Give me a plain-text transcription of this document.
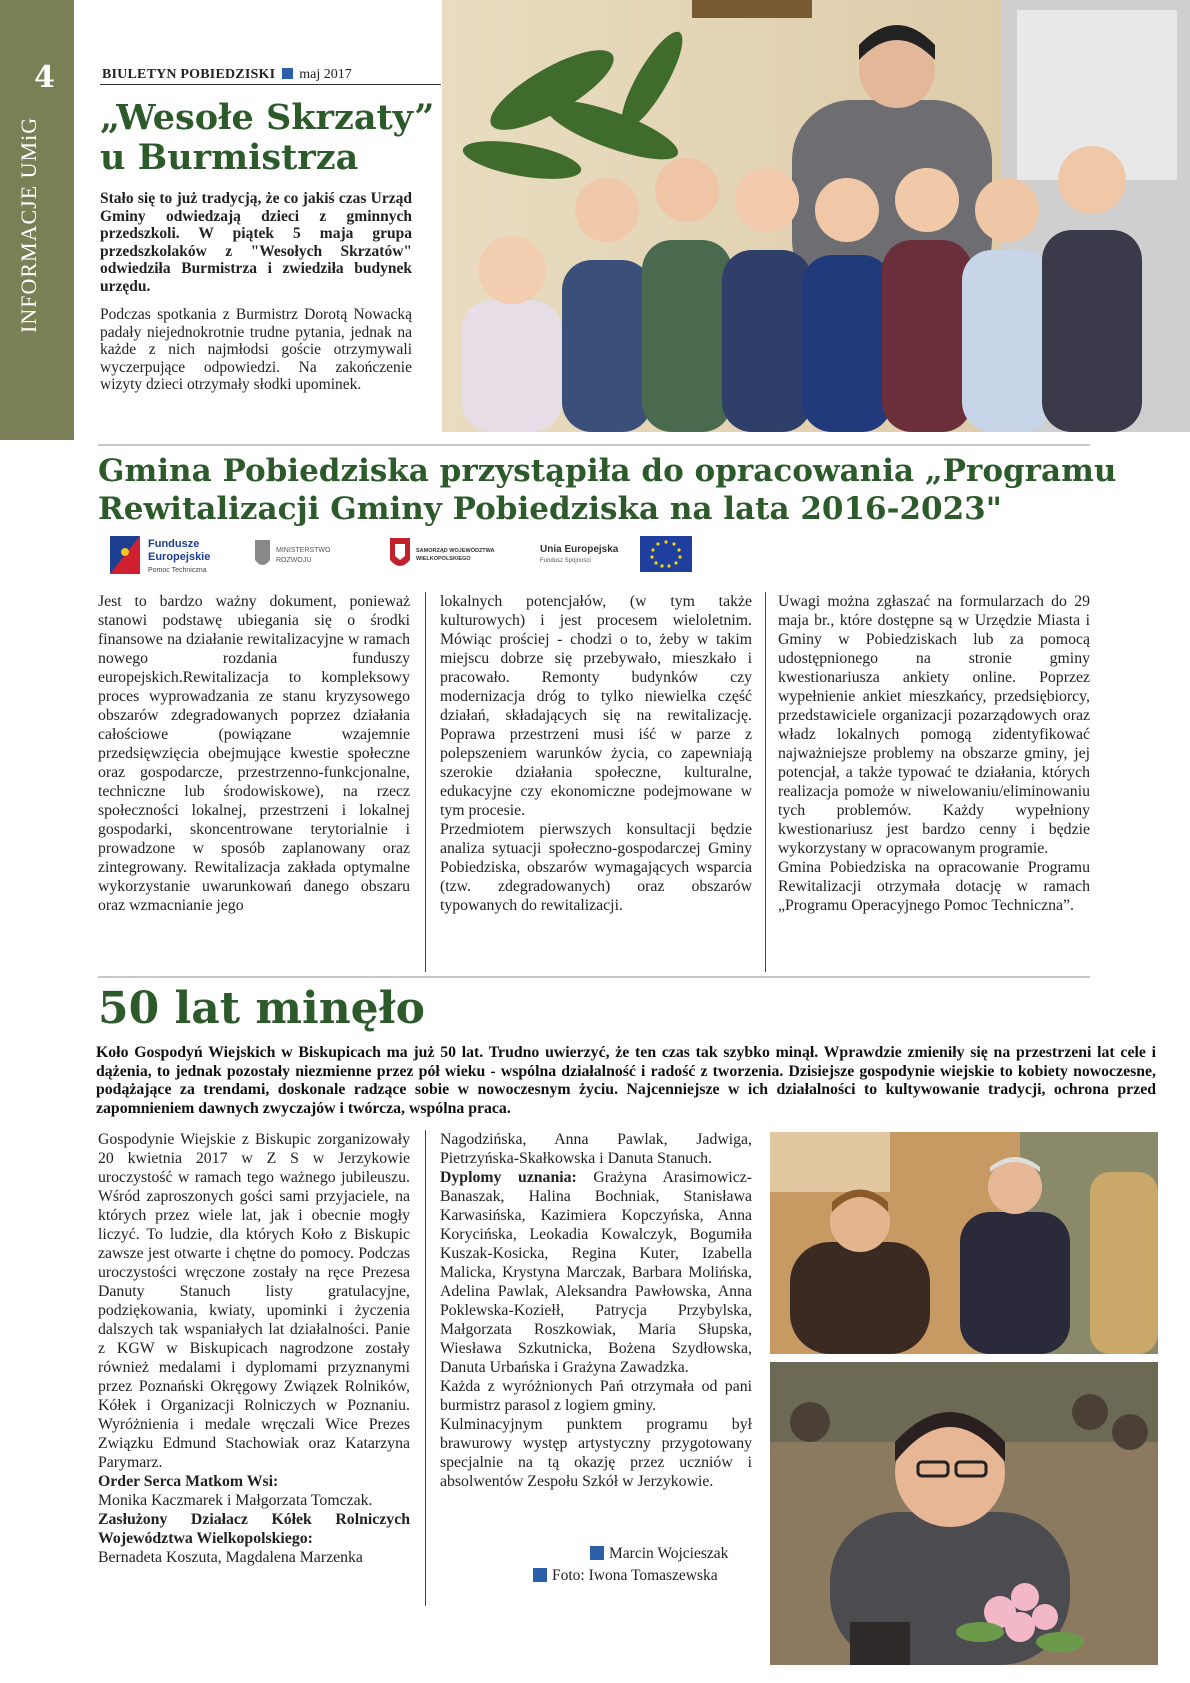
4
INFORMACJE UMiG
BIULETYN POBIEDZISKI maj 2017
„Wesołe Skrzaty”
u Burmistrza
Stało się to już tradycją, że co jakiś czas Urząd Gminy odwiedzają dzieci z gminnych przedszkoli. W piątek 5 maja grupa przedszkolaków z "Wesołych Skrzatów" odwiedziła Burmistrza i zwiedziła budynek urzędu.
Podczas spotkania z Burmistrz Dorotą Nowacką padały niejednokrotnie trudne pytania, jednak na każde z nich najmłodsi goście otrzymywali wyczerpujące odpowiedzi. Na zakończenie wizyty dzieci otrzymały słodki upominek.
Gmina Pobiedziska przystąpiła do opracowania „Programu
Rewitalizacji Gminy Pobiedziska na lata 2016-2023"
Fundusze
Europejskie
Pomoc Techniczna
MINISTERSTWO
ROZWOJU
SAMORZĄD WOJEWÓDZTWA
WIELKOPOLSKIEGO
Unia Europejska
Fundusz Spójności

Jest to bardzo ważny dokument, ponieważ stanowi podstawę ubiegania się o środki finansowe na działanie rewitalizacyjne w ramach nowego rozdania funduszy europejskich.Rewitalizacja to kompleksowy proces wyprowadzania ze stanu kryzysowego obszarów zdegradowanych poprzez działania całościowe (powiązane wzajemnie przedsięwzięcia obejmujące kwestie społeczne oraz gospodarcze, przestrzenno-funkcjonalne, techniczne lub środowiskowe), na rzecz społeczności lokalnej, przestrzeni i lokalnej gospodarki, skoncentrowane terytorialnie i prowadzone w sposób zaplanowany oraz zintegrowany. Rewitalizacja zakłada optymalne wykorzystanie uwarunkowań danego obszaru oraz wzmacnianie jego

lokalnych potencjałów, (w tym także kulturowych) i jest procesem wieloletnim. Mówiąc prościej - chodzi o to, żeby w takim miejscu dobrze się przebywało, mieszkało i pracowało. Remonty budynków czy modernizacja dróg to tylko niewielka część działań, składających się na rewitalizację. Poprawa przestrzeni musi iść w parze z polepszeniem warunków życia, co zapewniają szerokie działania społeczne, kulturalne, edukacyjne czy ekonomiczne podejmowane w tym procesie.

Przedmiotem pierwszych konsultacji będzie analiza sytuacji społeczno-gospodarczej Gminy Pobiedziska, obszarów wymagających wsparcia (tzw. zdegradowanych) oraz obszarów typowanych do rewitalizacji.

Uwagi można zgłaszać na formularzach do 29 maja br., które dostępne są w Urzędzie Miasta i Gminy w Pobiedziskach lub za pomocą udostępnionego na stronie gminy kwestionariusza ankiety online. Poprzez wypełnienie ankiet mieszkańcy, przedsiębiorcy, przedstawiciele organizacji pozarządowych oraz władz lokalnych pomogą zidentyfikować najważniejsze problemy na obszarze gminy, jej potencjał, a także typować te działania, których realizacja pomoże w niwelowaniu/eliminowaniu tych problemów. Każdy wypełniony kwestionariusz jest bardzo cenny i będzie wykorzystany w opracowanym programie.

Gmina Pobiedziska na opracowanie Programu Rewitalizacji otrzymała dotację w ramach „Programu Operacyjnego Pomoc Techniczna”.

50 lat minęło
Koło Gospodyń Wiejskich w Biskupicach ma już 50 lat. Trudno uwierzyć, że ten czas tak szybko minął. Wprawdzie zmieniły się na przestrzeni lat cele i dążenia, to jednak pozostały niezmienne przez pół wieku - wspólna działalność i radość z tworzenia. Dzisiejsze gospodynie wiejskie to kobiety nowoczesne, podążające za trendami, doskonale radzące sobie w nowoczesnym życiu. Najcenniejsze w ich działalności to kultywowanie tradycji, ochrona przed zapomnieniem dawnych zwyczajów i twórcza, wspólna praca.

Gospodynie Wiejskie z Biskupic zorganizowały 20 kwietnia 2017 w Z S w Jerzykowie uroczystość w ramach tego ważnego jubileuszu. Wśród zaproszonych gości sami przyjaciele, na których przez wiele lat, jak i obecnie mogły liczyć. To ludzie, dla których Koło z Biskupic zawsze jest otwarte i chętne do pomocy. Podczas uroczystości wręczone zostały na ręce Prezesa Danuty Stanuch listy gratulacyjne, podziękowania, kwiaty, upominki i życzenia dalszych tak wspaniałych lat działalności. Panie z KGW w Biskupicach nagrodzone zostały również medalami i dyplomami przyznanymi przez Poznański Okręgowy Związek Rolników, Kółek i Organizacji Rolniczych w Poznaniu. Wyróżnienia i medale wręczali Wice Prezes Związku Edmund Stachowiak oraz Katarzyna Parymarz.

Order Serca Matkom Wsi:

Monika Kaczmarek i Małgorzata Tomczak.

Zasłużony Działacz Kółek Rolniczych Województwa Wielkopolskiego:

Bernadeta Koszuta, Magdalena Marzenka

Nagodzińska, Anna Pawlak, Jadwiga, Pietrzyńska-Skałkowska i Danuta Stanuch.

Dyplomy uznania: Grażyna Arasimowicz-Banaszak, Halina Bochniak, Stanisława Karwasińska, Kazimiera Kopczyńska, Anna Korycińska, Leokadia Kowalczyk, Bogumiła Kuszak-Kosicka, Regina Kuter, Izabella Malicka, Krystyna Marczak, Barbara Molińska, Adelina Pawlak, Aleksandra Pawłowska, Anna Poklewska-Koziełł, Patrycja Przybylska, Małgorzata Roszkowiak, Maria Słupska, Wiesława Szkutnicka, Bożena Szydłowska, Danuta Urbańska i Grażyna Zawadzka.

Każda z wyróżnionych Pań otrzymała od pani burmistrz parasol z logiem gminy.

Kulminacyjnym punktem programu był brawurowy występ artystyczny przygotowany specjalnie na tą okazję przez uczniów i absolwentów Zespołu Szkół w Jerzykowie.

Marcin Wojcieszak
Foto: Iwona Tomaszewska
